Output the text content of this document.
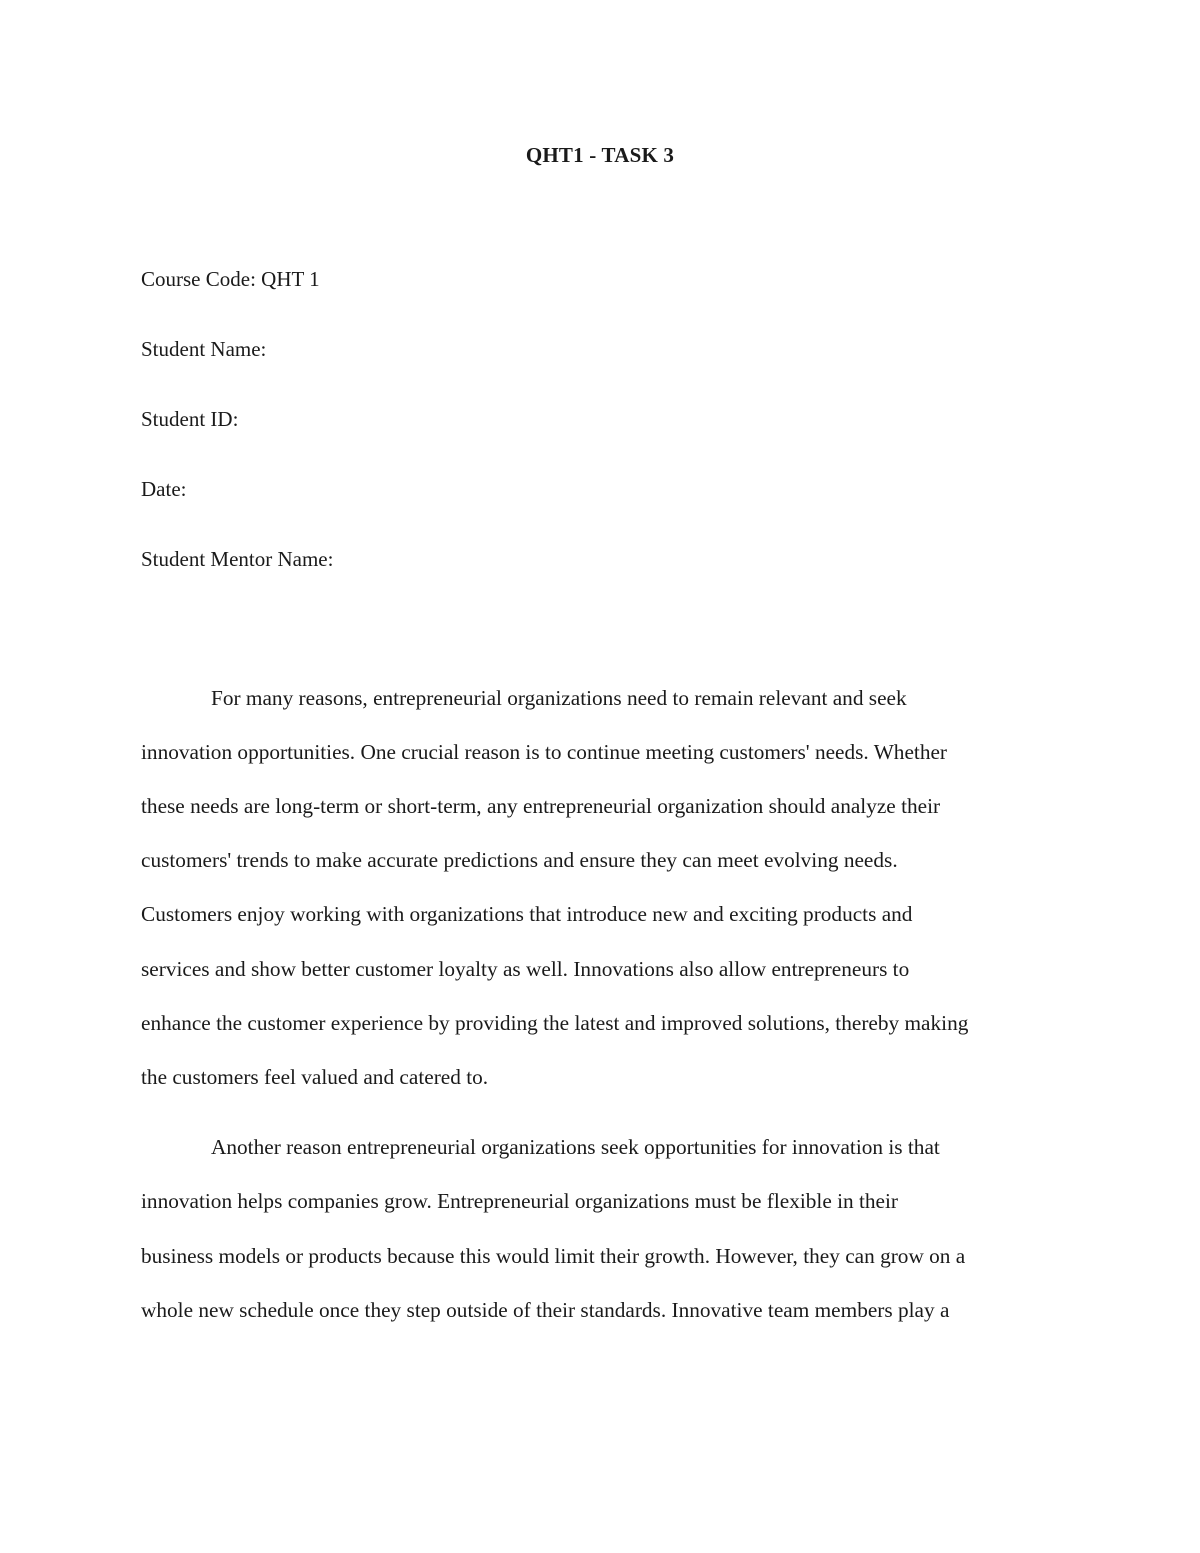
QHT1 - TASK 3
Course Code: QHT 1
Student Name:
Student ID:
Date:
Student Mentor Name:
For many reasons, entrepreneurial organizations need to remain relevant and seek
innovation opportunities. One crucial reason is to continue meeting customers' needs. Whether
these needs are long-term or short-term, any entrepreneurial organization should analyze their
customers' trends to make accurate predictions and ensure they can meet evolving needs.
Customers enjoy working with organizations that introduce new and exciting products and
services and show better customer loyalty as well. Innovations also allow entrepreneurs to
enhance the customer experience by providing the latest and improved solutions, thereby making
the customers feel valued and catered to.
Another reason entrepreneurial organizations seek opportunities for innovation is that
innovation helps companies grow. Entrepreneurial organizations must be flexible in their
business models or products because this would limit their growth. However, they can grow on a
whole new schedule once they step outside of their standards. Innovative team members play a
